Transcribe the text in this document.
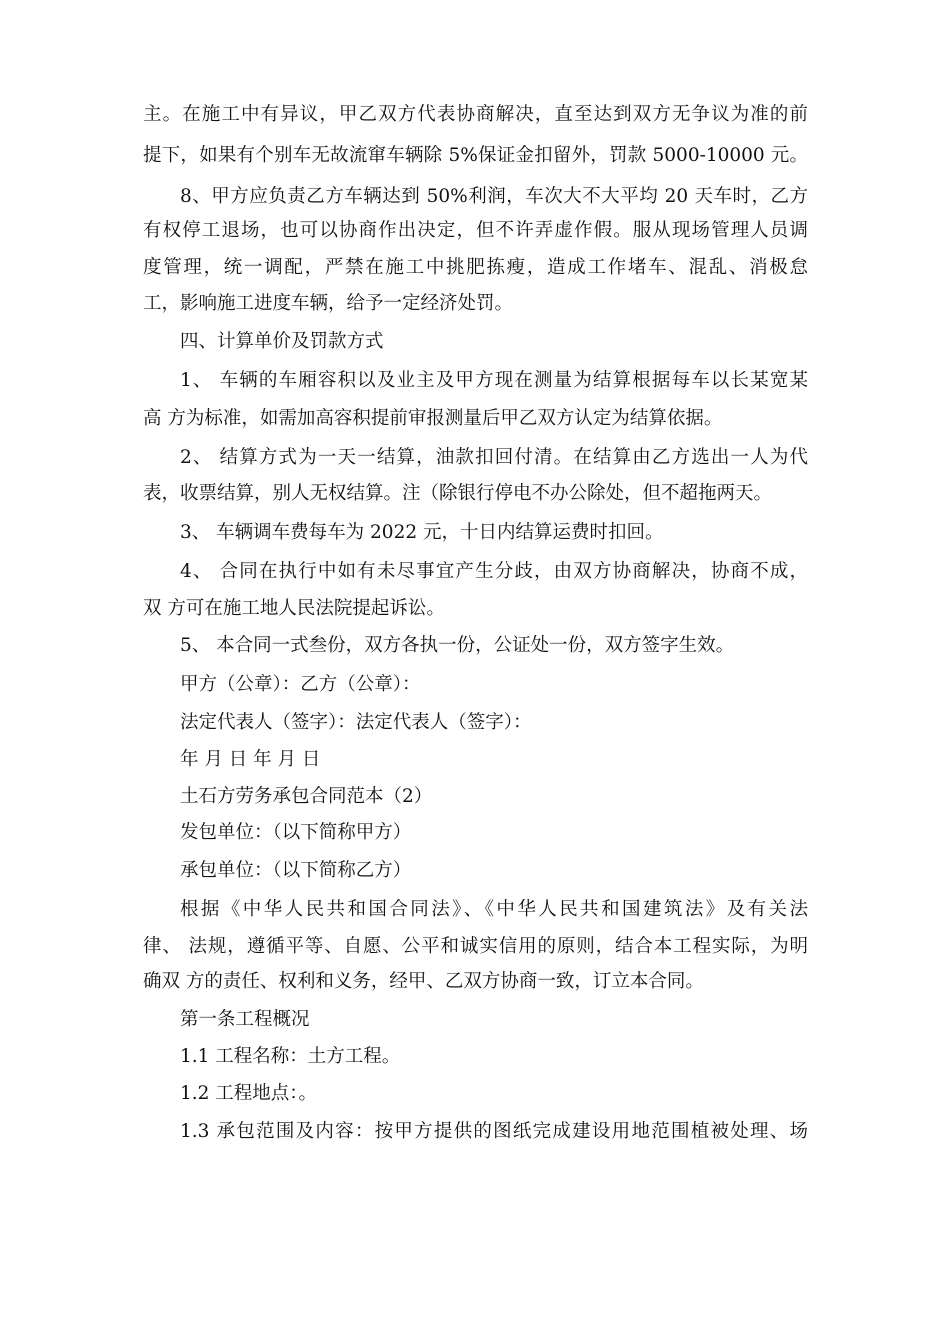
主。在施工中有异议，甲乙双方代表协商解决，直至达到双方无争议为准的前
提下，如果有个别车无故流窜车辆除 5%保证金扣留外，罚款 5000-10000 元。
8、甲方应负责乙方车辆达到 50%利润，车次大不大平均 20 天车时，乙方
有权停工退场，也可以协商作出决定，但不许弄虚作假。服从现场管理人员调
度管理，统一调配，严禁在施工中挑肥拣瘦，造成工作堵车、混乱、消极怠
工，影响施工进度车辆，给予一定经济处罚。
四、计算单价及罚款方式
1、 车辆的车厢容积以及业主及甲方现在测量为结算根据每车以长某宽某
高 方为标准，如需加高容积提前审报测量后甲乙双方认定为结算依据。
2、 结算方式为一天一结算，油款扣回付清。在结算由乙方选出一人为代
表，收票结算，别人无权结算。注（除银行停电不办公除处，但不超拖两天。
3、 车辆调车费每车为 2022 元，十日内结算运费时扣回。
4、 合同在执行中如有未尽事宜产生分歧，由双方协商解决，协商不成，
双 方可在施工地人民法院提起诉讼。
5、 本合同一式叁份，双方各执一份，公证处一份，双方签字生效。
甲方（公章）：乙方（公章）：
法定代表人（签字）：法定代表人（签字）：
年 月 日 年 月 日
土石方劳务承包合同范本（2）
发包单位：（以下简称甲方）
承包单位：（以下简称乙方）
根据《中华人民共和国合同法》、《中华人民共和国建筑法》及有关法
律、 法规，遵循平等、自愿、公平和诚实信用的原则，结合本工程实际，为明
确双 方的责任、权利和义务，经甲、乙双方协商一致，订立本合同。
第一条工程概况
1.1 工程名称：土方工程。
1.2 工程地点：。
1.3 承包范围及内容：按甲方提供的图纸完成建设用地范围植被处理、场
